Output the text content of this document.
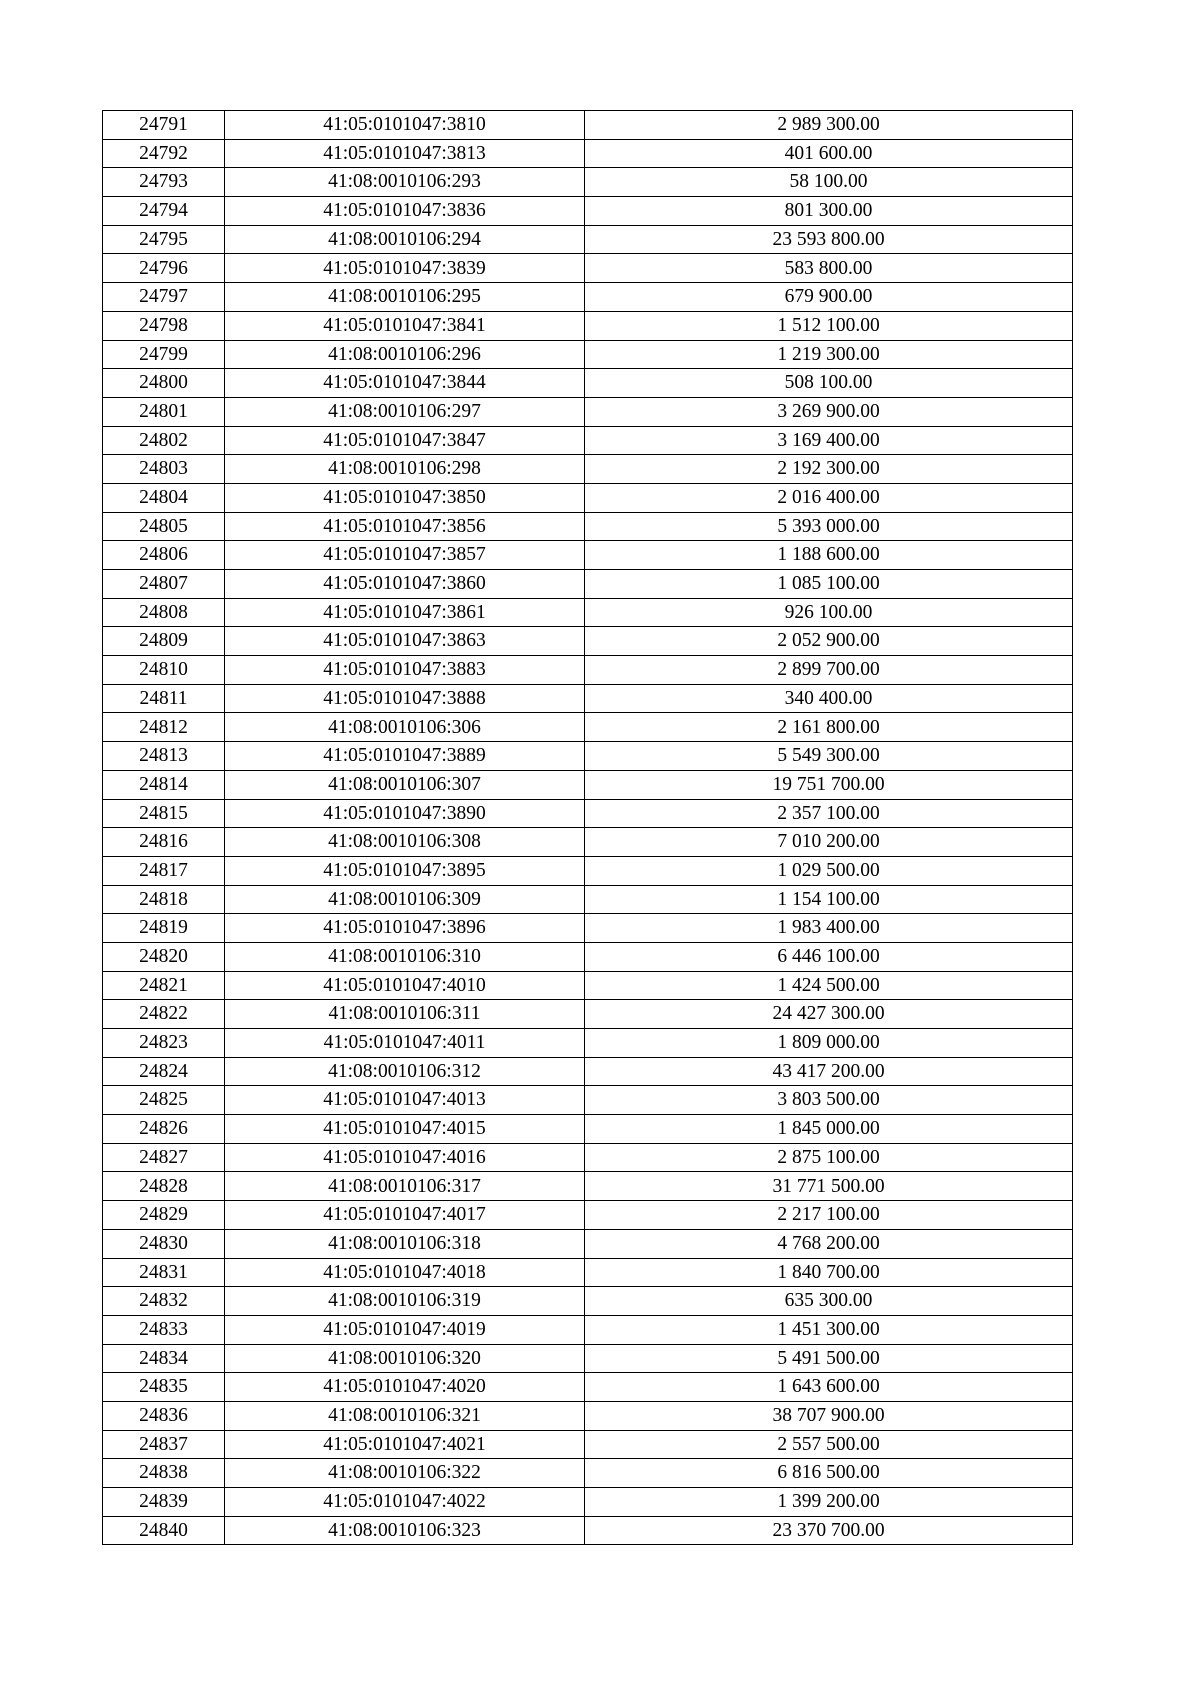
24791	41:05:0101047:3810	2 989 300.00
24792	41:05:0101047:3813	401 600.00
24793	41:08:0010106:293	58 100.00
24794	41:05:0101047:3836	801 300.00
24795	41:08:0010106:294	23 593 800.00
24796	41:05:0101047:3839	583 800.00
24797	41:08:0010106:295	679 900.00
24798	41:05:0101047:3841	1 512 100.00
24799	41:08:0010106:296	1 219 300.00
24800	41:05:0101047:3844	508 100.00
24801	41:08:0010106:297	3 269 900.00
24802	41:05:0101047:3847	3 169 400.00
24803	41:08:0010106:298	2 192 300.00
24804	41:05:0101047:3850	2 016 400.00
24805	41:05:0101047:3856	5 393 000.00
24806	41:05:0101047:3857	1 188 600.00
24807	41:05:0101047:3860	1 085 100.00
24808	41:05:0101047:3861	926 100.00
24809	41:05:0101047:3863	2 052 900.00
24810	41:05:0101047:3883	2 899 700.00
24811	41:05:0101047:3888	340 400.00
24812	41:08:0010106:306	2 161 800.00
24813	41:05:0101047:3889	5 549 300.00
24814	41:08:0010106:307	19 751 700.00
24815	41:05:0101047:3890	2 357 100.00
24816	41:08:0010106:308	7 010 200.00
24817	41:05:0101047:3895	1 029 500.00
24818	41:08:0010106:309	1 154 100.00
24819	41:05:0101047:3896	1 983 400.00
24820	41:08:0010106:310	6 446 100.00
24821	41:05:0101047:4010	1 424 500.00
24822	41:08:0010106:311	24 427 300.00
24823	41:05:0101047:4011	1 809 000.00
24824	41:08:0010106:312	43 417 200.00
24825	41:05:0101047:4013	3 803 500.00
24826	41:05:0101047:4015	1 845 000.00
24827	41:05:0101047:4016	2 875 100.00
24828	41:08:0010106:317	31 771 500.00
24829	41:05:0101047:4017	2 217 100.00
24830	41:08:0010106:318	4 768 200.00
24831	41:05:0101047:4018	1 840 700.00
24832	41:08:0010106:319	635 300.00
24833	41:05:0101047:4019	1 451 300.00
24834	41:08:0010106:320	5 491 500.00
24835	41:05:0101047:4020	1 643 600.00
24836	41:08:0010106:321	38 707 900.00
24837	41:05:0101047:4021	2 557 500.00
24838	41:08:0010106:322	6 816 500.00
24839	41:05:0101047:4022	1 399 200.00
24840	41:08:0010106:323	23 370 700.00
